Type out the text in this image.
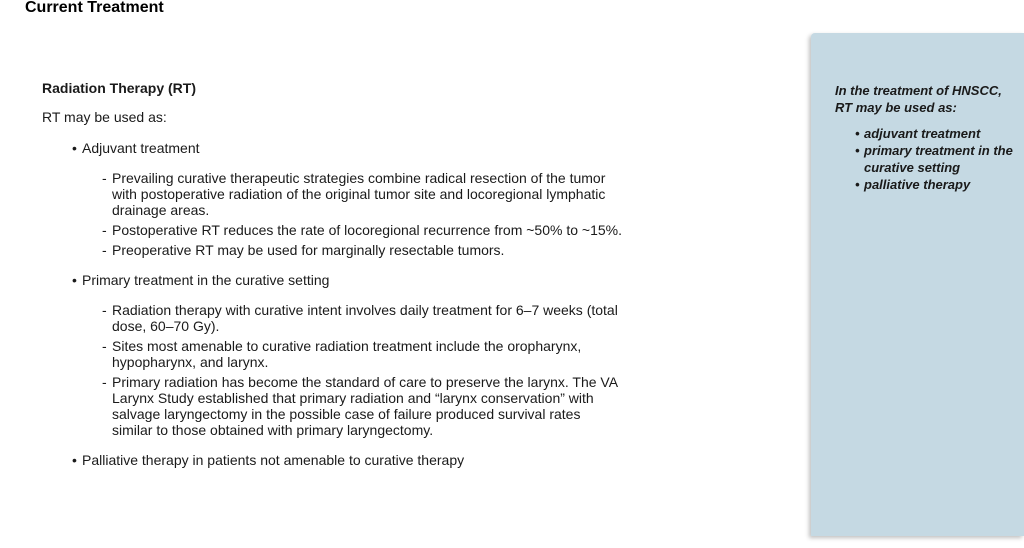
Current Treatment
Radiation Therapy (RT)
RT may be used as:
• Adjuvant treatment
- Prevailing curative therapeutic strategies combine radical resection of the tumor with postoperative radiation of the original tumor site and locoregional lymphatic drainage areas.
- Postoperative RT reduces the rate of locoregional recurrence from ~50% to ~15%.
- Preoperative RT may be used for marginally resectable tumors.
• Primary treatment in the curative setting
- Radiation therapy with curative intent involves daily treatment for 6–7 weeks (total dose, 60–70 Gy).
- Sites most amenable to curative radiation treatment include the oropharynx, hypopharynx, and larynx.
- Primary radiation has become the standard of care to preserve the larynx. The VA Larynx Study established that primary radiation and “larynx conservation” with salvage laryngectomy in the possible case of failure produced survival rates similar to those obtained with primary laryngectomy.
• Palliative therapy in patients not amenable to curative therapy
In the treatment of HNSCC, RT may be used as:
• adjuvant treatment
• primary treatment in the curative setting
• palliative therapy
